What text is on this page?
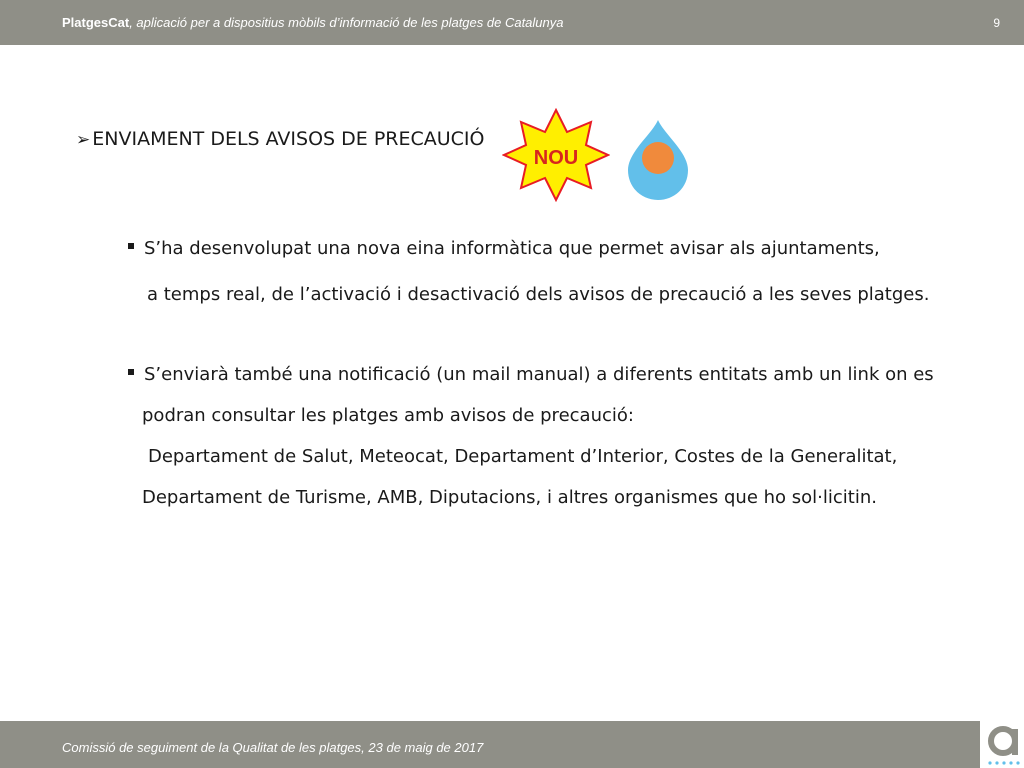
PlatgesCat, aplicació per a dispositius mòbils d’informació de les platges de Catalunya	9
➢ ENVIAMENT DELS AVISOS DE PRECAUCIÓ
NOU
S’ha desenvolupat una nova eina informàtica que permet avisar als ajuntaments,
a temps real, de l’activació i desactivació dels avisos de precaució a les seves platges.
S’enviarà també una notificació (un mail manual) a diferents entitats amb un link on es
podran consultar les platges amb avisos de precaució:
Departament de Salut, Meteocat, Departament d’Interior, Costes de la Generalitat,
Departament de Turisme, AMB, Diputacions, i altres organismes que ho sol·licitin.
Comissió de seguiment de la Qualitat de les platges, 23 de maig de 2017
